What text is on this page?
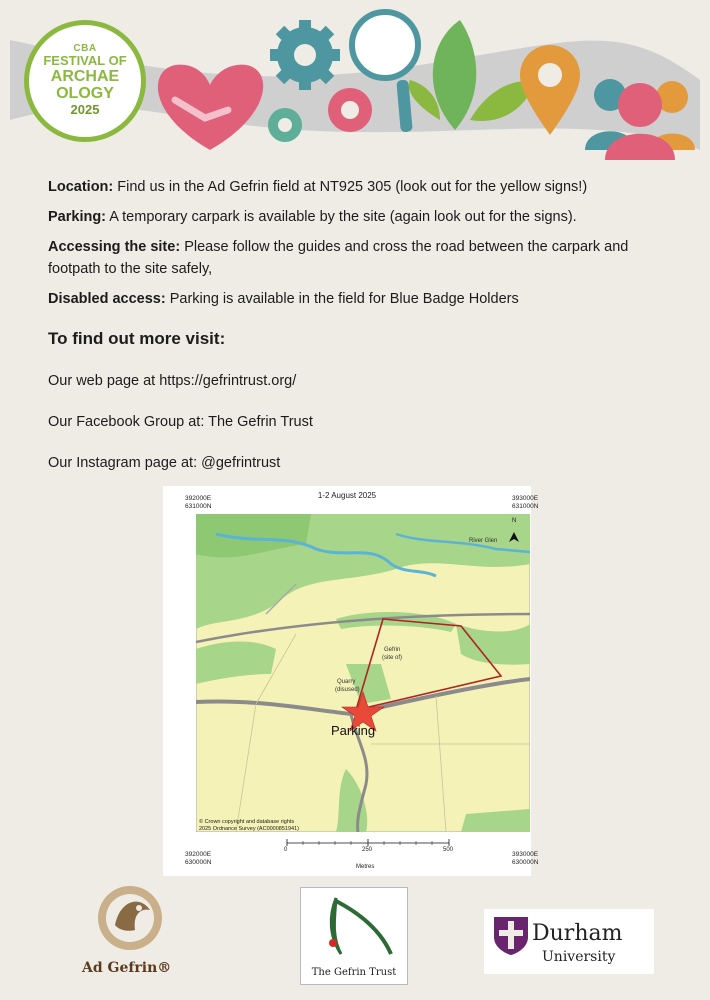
CBA
FESTIVAL OF
ARCHAE
OLOGY
2025

Location: Find us in the Ad Gefrin field at NT925 305 (look out for the yellow signs!)

Parking: A temporary carpark is available by the site (again look out for the signs).

Accessing the site: Please follow the guides and cross the road between the carpark and footpath to the site safely,

Disabled access: Parking is available in the field for Blue Badge Holders

To find out more visit:
Our web page at https://gefrintrust.org/
Our Facebook Group at: The Gefrin Trust
Our Instagram page at: @gefrintrust
1-2 August 2025
392000E
631000N
393000E
631000N
392000E
630000N
393000E
630000N
N
River Glen
Gefrin
(site of)
Quarry
(disused)
Parking
© Crown copyright and database rights
2025 Ordnance Survey (AC0000851941)
0	250	500
Metres
Ad Gefrin®	The Gefrin Trust
Durham
University
